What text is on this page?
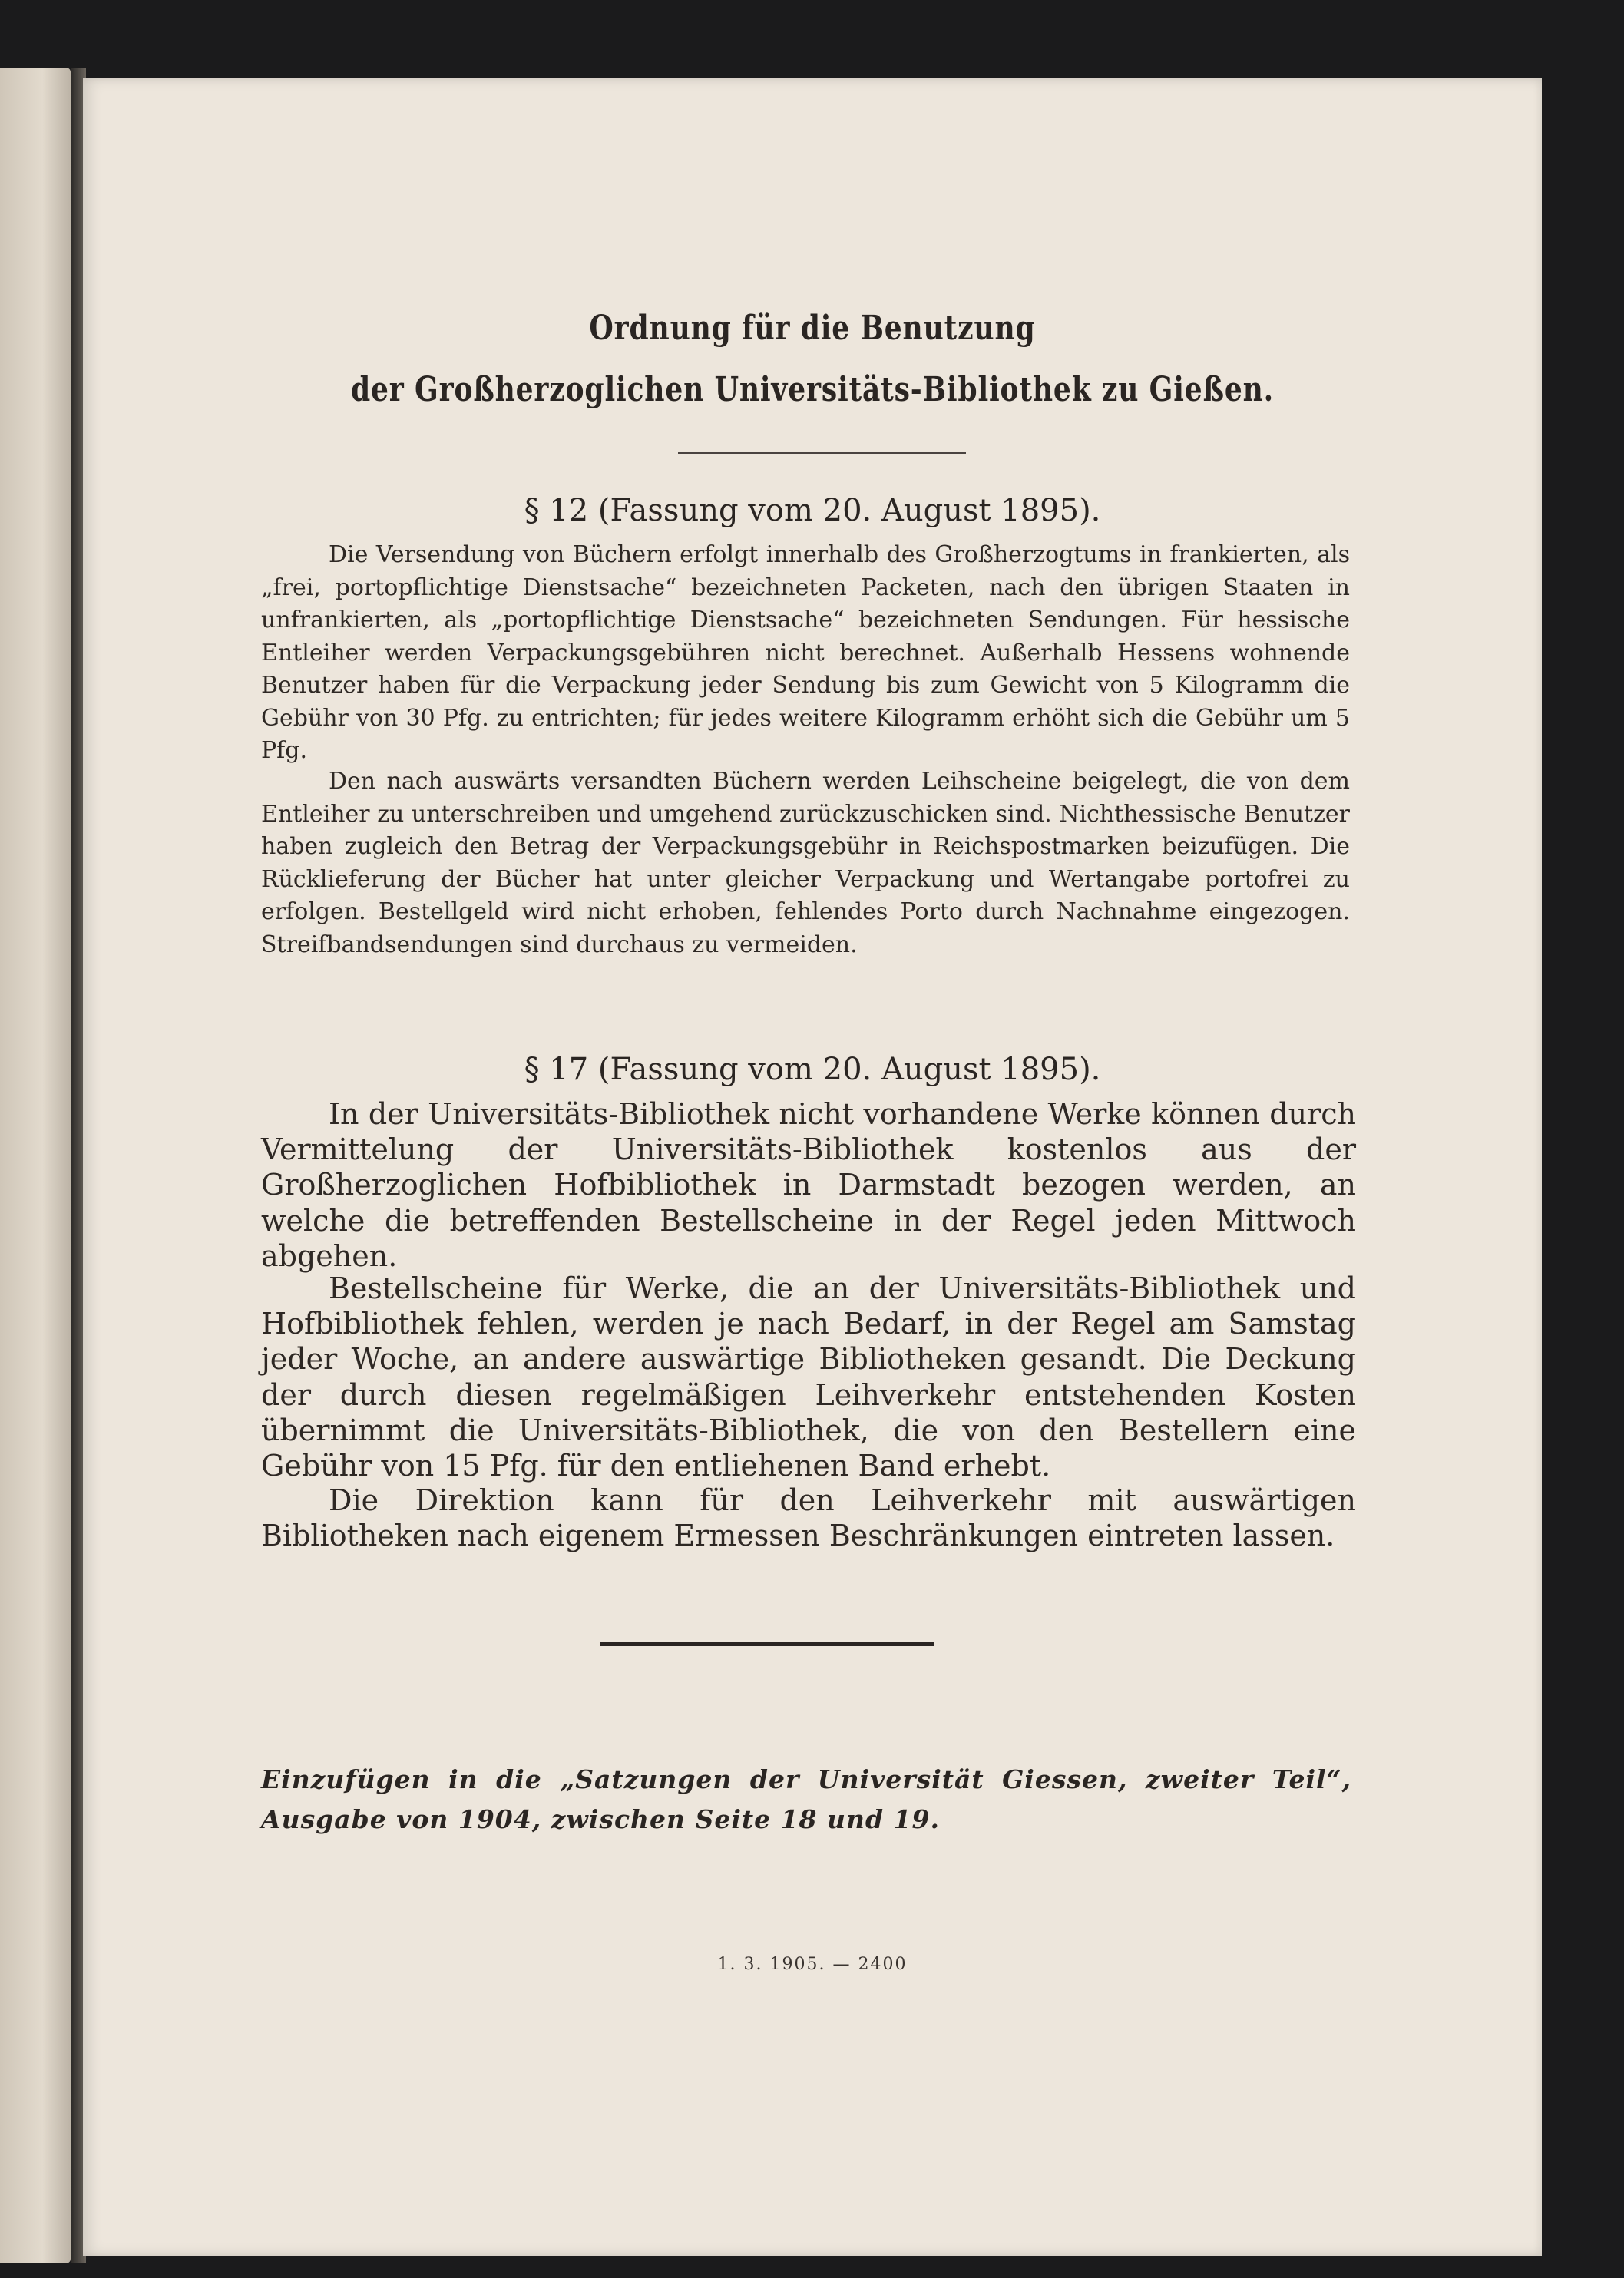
Ordnung für die Benutzung
der Großherzoglichen Universitäts-Bibliothek zu Gießen.
§ 12 (Fassung vom 20. August 1895).

Die Versendung von Büchern erfolgt innerhalb des Großherzogtums in frankierten, als „frei, portopflichtige Dienstsache“ bezeichneten Packeten, nach den übrigen Staaten in unfrankierten, als „portopflichtige Dienstsache“ bezeichneten Sendungen. Für hessische Entleiher werden Verpackungsgebühren nicht berechnet. Außerhalb Hessens wohnende Benutzer haben für die Verpackung jeder Sendung bis zum Gewicht von 5 Kilogramm die Gebühr von 30 Pfg. zu entrichten; für jedes weitere Kilogramm erhöht sich die Gebühr um 5 Pfg.

Den nach auswärts versandten Büchern werden Leihscheine beigelegt, die von dem Entleiher zu unterschreiben und umgehend zurückzuschicken sind. Nichthessische Benutzer haben zugleich den Betrag der Verpackungsgebühr in Reichspostmarken beizufügen. Die Rücklieferung der Bücher hat unter gleicher Verpackung und Wertangabe portofrei zu erfolgen. Bestellgeld wird nicht erhoben, fehlendes Porto durch Nachnahme eingezogen. Streifbandsendungen sind durchaus zu vermeiden.

§ 17 (Fassung vom 20. August 1895).

In der Universitäts-Bibliothek nicht vorhandene Werke können durch Vermittelung der Universitäts-Bibliothek kostenlos aus der Großherzoglichen Hofbibliothek in Darmstadt bezogen werden, an welche die betreffenden Bestellscheine in der Regel jeden Mittwoch abgehen.

Bestellscheine für Werke, die an der Universitäts-Bibliothek und Hofbibliothek fehlen, werden je nach Bedarf, in der Regel am Samstag jeder Woche, an andere auswärtige Bibliotheken gesandt. Die Deckung der durch diesen regelmäßigen Leihverkehr entstehenden Kosten übernimmt die Universitäts-Bibliothek, die von den Bestellern eine Gebühr von 15 Pfg. für den entliehenen Band erhebt.

Die Direktion kann für den Leihverkehr mit auswärtigen Bibliotheken nach eigenem Ermessen Beschränkungen eintreten lassen.

Einzufügen in die „Satzungen der Universität Giessen, zweiter Teil“, Ausgabe von 1904, zwischen Seite 18 und 19.
1. 3. 1905. — 2400
